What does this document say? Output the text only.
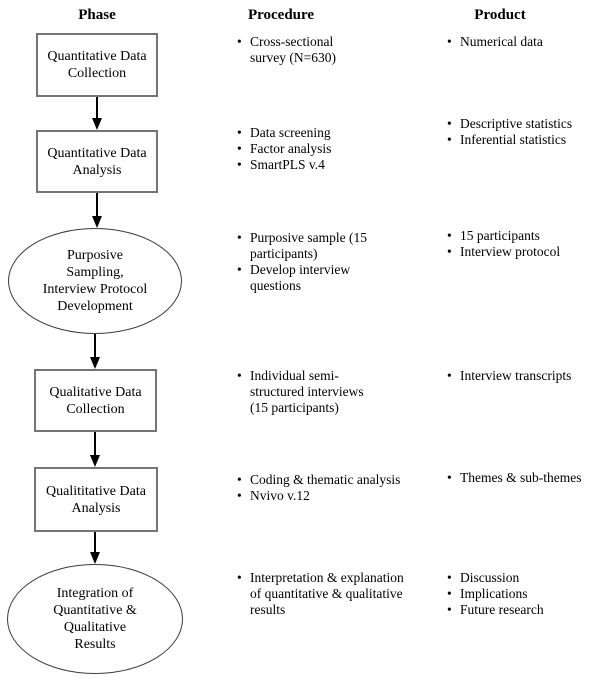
Phase	Procedure	Product
Quantitative Data
Collection
Quantitative Data
Analysis
Purposive
Sampling,
Interview Protocol
Development
Qualitative Data
Collection
Qualititative Data
Analysis
Integration of
Quantitative &
Qualitative
Results
• Cross-sectional
survey (N=630)
• Data screening
• Factor analysis
• SmartPLS v.4
• Purposive sample (15
participants)
• Develop interview
questions
• Individual semi-
structured interviews
(15 participants)
• Coding & thematic analysis
• Nvivo v.12
• Interpretation & explanation
of quantitative & qualitative
results
• Numerical data
• Descriptive statistics
• Inferential statistics
• 15 participants
• Interview protocol
• Interview transcripts
• Themes & sub-themes
• Discussion
• Implications
• Future research
